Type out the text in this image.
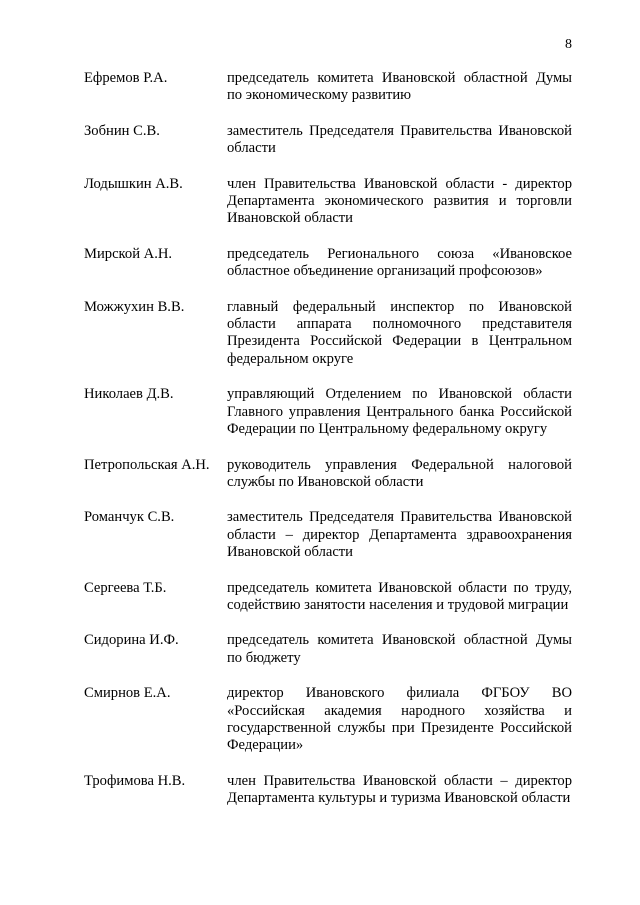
8
Ефремов Р.А.	председатель комитета Ивановской областной Думы по экономическому развитию
Зобнин С.В.	заместитель Председателя Правительства Ивановской области
Лодышкин А.В.	член Правительства Ивановской области - директор Департамента экономического развития и торговли Ивановской области
Мирской А.Н.	председатель Регионального союза «Ивановское областное объединение организаций профсоюзов»
Можжухин В.В.	главный федеральный инспектор по Ивановской области аппарата полномочного представителя Президента Российской Федерации в Центральном федеральном округе
Николаев Д.В.	управляющий Отделением по Ивановской области Главного управления Центрального банка Российской Федерации по Центральному федеральному округу
Петропольская А.Н.	руководитель управления Федеральной налоговой службы по Ивановской области
Романчук С.В.	заместитель Председателя Правительства Ивановской области – директор Департамента здравоохранения Ивановской области
Сергеева Т.Б.	председатель комитета Ивановской области по труду, содействию занятости населения и трудовой миграции
Сидорина И.Ф.	председатель комитета Ивановской областной Думы по бюджету
Смирнов Е.А.	директор Ивановского филиала ФГБОУ ВО «Российская академия народного хозяйства и государственной службы при Президенте Российской Федерации»
Трофимова Н.В.	член Правительства Ивановской области – директор Департамента культуры и туризма Ивановской области
